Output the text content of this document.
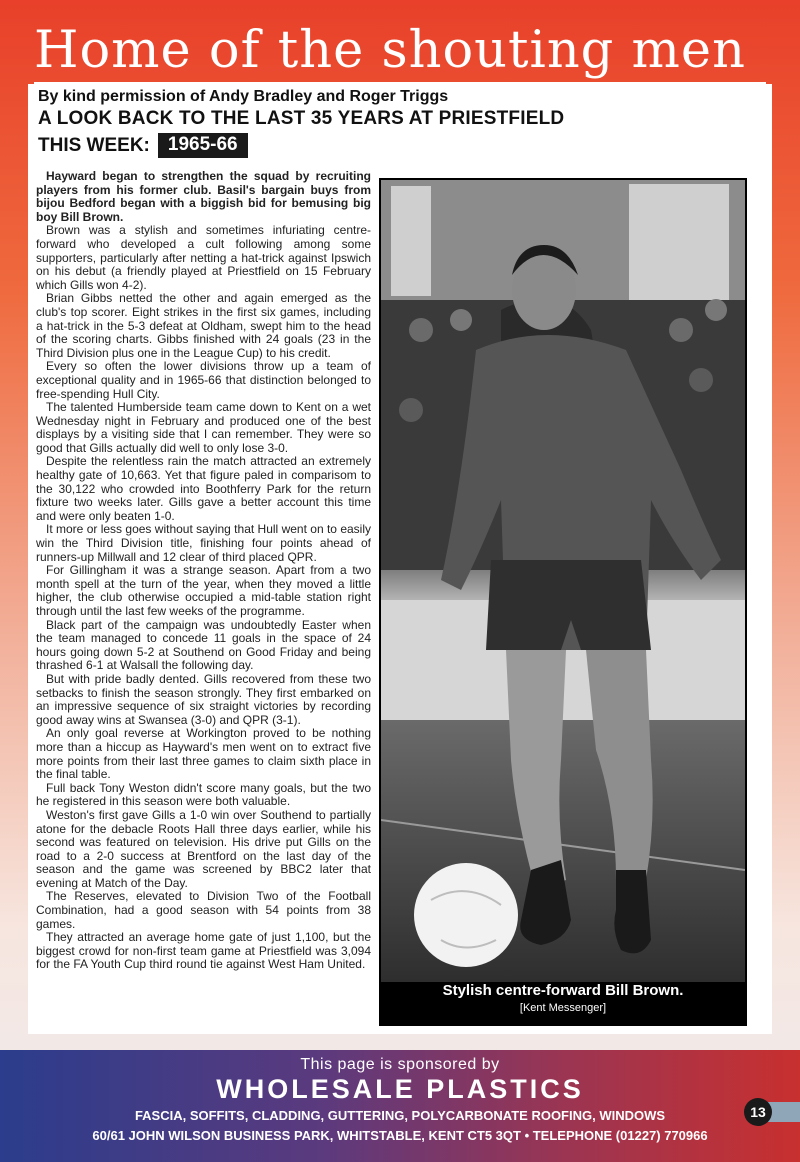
Home of the shouting men
By kind permission of Andy Bradley and Roger Triggs
A LOOK BACK TO THE LAST 35 YEARS AT PRIESTFIELD
THIS WEEK: 1965-66

Hayward began to strengthen the squad by recruiting players from his former club. Basil's bargain buys from bijou Bedford began with a biggish bid for bemusing big boy Bill Brown.

Brown was a stylish and sometimes infuriating centre-forward who developed a cult following among some supporters, particularly after netting a hat-trick against Ipswich on his debut (a friendly played at Priestfield on 15 February which Gills won 4-2).

Brian Gibbs netted the other and again emerged as the club's top scorer. Eight strikes in the first six games, including a hat-trick in the 5-3 defeat at Oldham, swept him to the head of the scoring charts. Gibbs finished with 24 goals (23 in the Third Division plus one in the League Cup) to his credit.

Every so often the lower divisions throw up a team of exceptional quality and in 1965-66 that distinction belonged to free-spending Hull City.

The talented Humberside team came down to Kent on a wet Wednesday night in February and produced one of the best displays by a visiting side that I can remember. They were so good that Gills actually did well to only lose 3-0.

Despite the relentless rain the match attracted an extremely healthy gate of 10,663. Yet that figure paled in comparisom to the 30,122 who crowded into Boothferry Park for the return fixture two weeks later. Gills gave a better account this time and were only beaten 1-0.

It more or less goes without saying that Hull went on to easily win the Third Division title, finishing four points ahead of runners-up Millwall and 12 clear of third placed QPR.

For Gillingham it was a strange season. Apart from a two month spell at the turn of the year, when they moved a little higher, the club otherwise occupied a mid-table station right through until the last few weeks of the programme.

Black part of the campaign was undoubtedly Easter when the team managed to concede 11 goals in the space of 24 hours going down 5-2 at Southend on Good Friday and being thrashed 6-1 at Walsall the following day.

But with pride badly dented. Gills recovered from these two setbacks to finish the season strongly. They first embarked on an impressive sequence of six straight victories by recording good away wins at Swansea (3-0) and QPR (3-1).

An only goal reverse at Workington proved to be nothing more than a hiccup as Hayward's men went on to extract five more points from their last three games to claim sixth place in the final table.

Full back Tony Weston didn't score many goals, but the two he registered in this season were both valuable.

Weston's first gave Gills a 1-0 win over Southend to partially atone for the debacle Roots Hall three days earlier, while his second was featured on television. His drive put Gills on the road to a 2-0 success at Brentford on the last day of the season and the game was screened by BBC2 later that evening at Match of the Day.

The Reserves, elevated to Division Two of the Football Combination, had a good season with 54 points from 38 games.

They attracted an average home gate of just 1,100, but the biggest crowd for non-first team game at Priestfield was 3,094 for the FA Youth Cup third round tie against West Ham United.

Stylish centre-forward Bill Brown.
[Kent Messenger]
This page is sponsored by
WHOLESALE PLASTICS
FASCIA, SOFFITS, CLADDING, GUTTERING, POLYCARBONATE ROOFING, WINDOWS
60/61 JOHN WILSON BUSINESS PARK, WHITSTABLE, KENT CT5 3QT • TELEPHONE (01227) 770966
13
